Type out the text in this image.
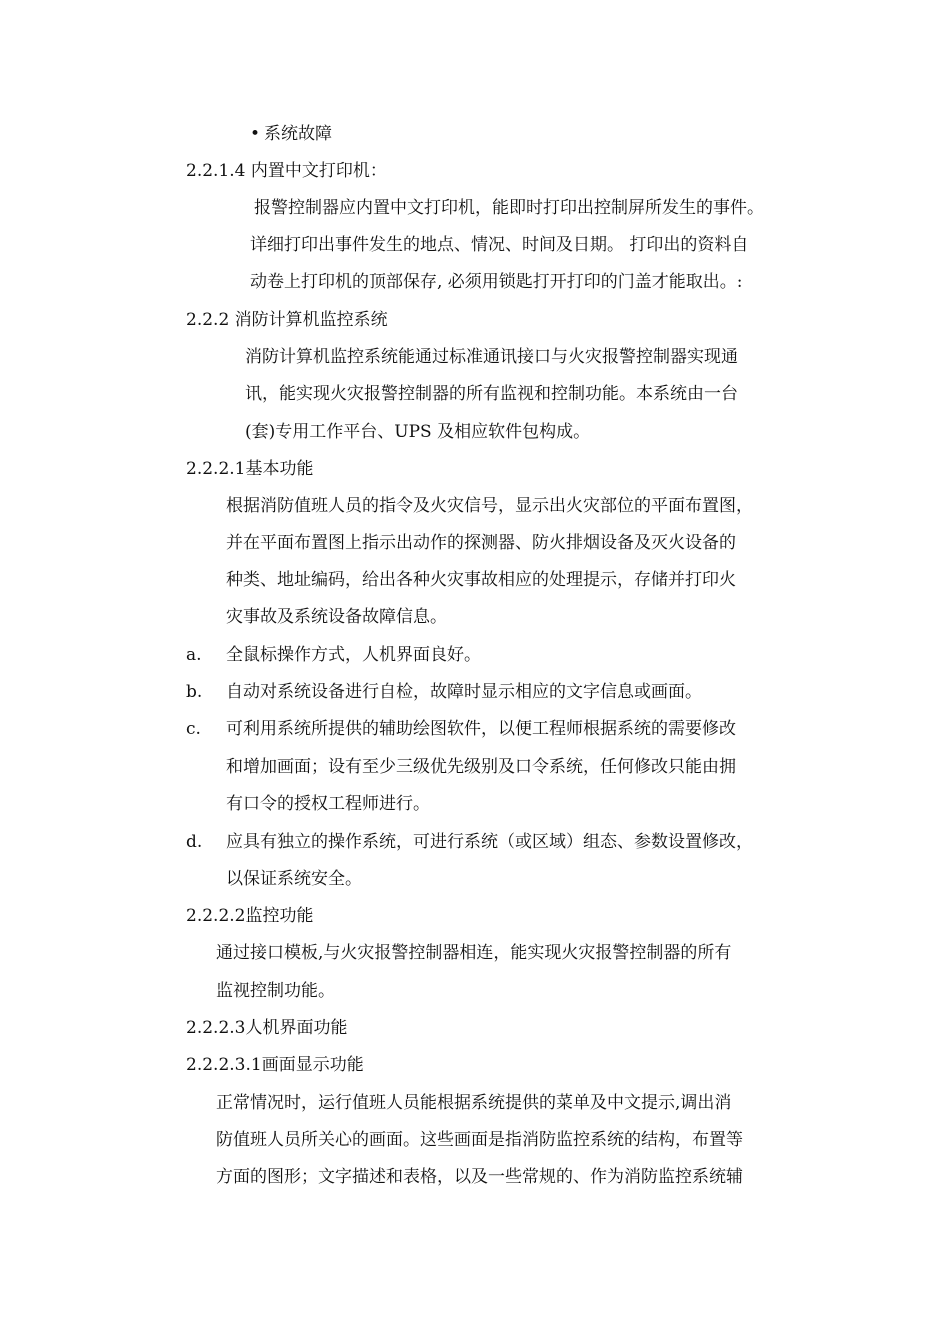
• 系统故障
2.2.1.4 内置中文打印机：
报警控制器应内置中文打印机，能即时打印出控制屏所发生的事件。
详细打印出事件发生的地点、情况、时间及日期。 打印出的资料自
动卷上打印机的顶部保存, 必须用锁匙打开打印的门盖才能取出。:
2.2.2 消防计算机监控系统
消防计算机监控系统能通过标准通讯接口与火灾报警控制器实现通
讯，能实现火灾报警控制器的所有监视和控制功能。本系统由一台
(套)专用工作平台、UPS 及相应软件包构成。
2.2.2.1基本功能
根据消防值班人员的指令及火灾信号，显示出火灾部位的平面布置图，
并在平面布置图上指示出动作的探测器、防火排烟设备及灭火设备的
种类、地址编码，给出各种火灾事故相应的处理提示，存储并打印火
灾事故及系统设备故障信息。
a. 全鼠标操作方式，人机界面良好。
b. 自动对系统设备进行自检，故障时显示相应的文字信息或画面。
c. 可利用系统所提供的辅助绘图软件，以便工程师根据系统的需要修改
和增加画面；设有至少三级优先级别及口令系统，任何修改只能由拥
有口令的授权工程师进行。
d. 应具有独立的操作系统，可进行系统（或区域）组态、参数设置修改，
以保证系统安全。
2.2.2.2监控功能
通过接口模板,与火灾报警控制器相连，能实现火灾报警控制器的所有
监视控制功能。
2.2.2.3人机界面功能
2.2.2.3.1画面显示功能
正常情况时，运行值班人员能根据系统提供的菜单及中文提示,调出消
防值班人员所关心的画面。这些画面是指消防监控系统的结构，布置等
方面的图形；文字描述和表格，以及一些常规的、作为消防监控系统辅
